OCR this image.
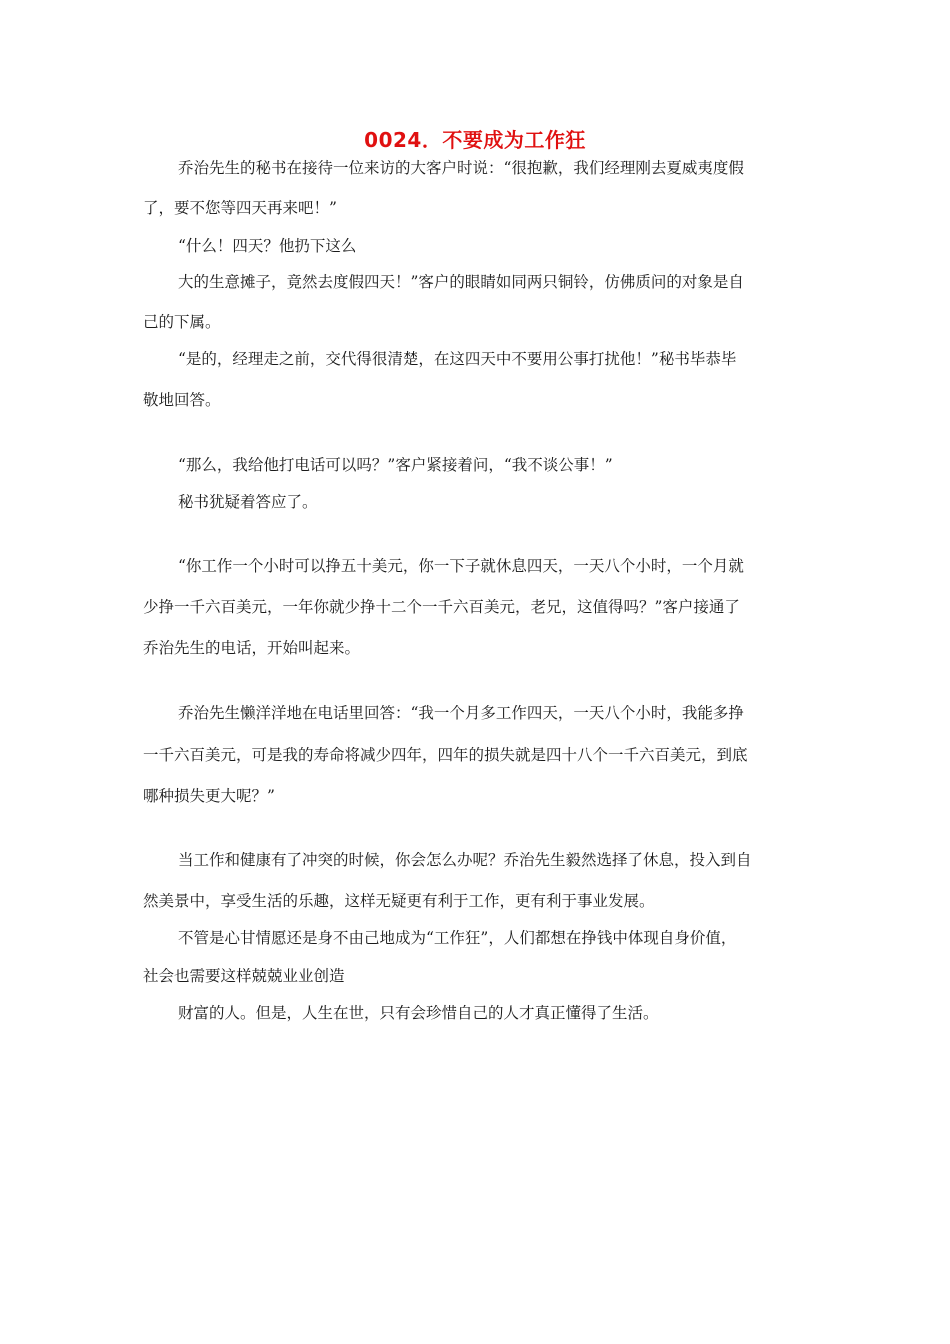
0024．不要成为工作狂
乔治先生的秘书在接待一位来访的大客户时说：“很抱歉，我们经理刚去夏威夷度假
了，要不您等四天再来吧！”
“什么！四天？他扔下这么
大的生意摊子，竟然去度假四天！”客户的眼睛如同两只铜铃，仿佛质问的对象是自
己的下属。
“是的，经理走之前，交代得很清楚，在这四天中不要用公事打扰他！”秘书毕恭毕
敬地回答。
“那么，我给他打电话可以吗？”客户紧接着问，“我不谈公事！”
秘书犹疑着答应了。
“你工作一个小时可以挣五十美元，你一下子就休息四天，一天八个小时，一个月就
少挣一千六百美元，一年你就少挣十二个一千六百美元，老兄，这值得吗？”客户接通了
乔治先生的电话，开始叫起来。
乔治先生懒洋洋地在电话里回答：“我一个月多工作四天，一天八个小时，我能多挣
一千六百美元，可是我的寿命将减少四年，四年的损失就是四十八个一千六百美元，到底
哪种损失更大呢？”
当工作和健康有了冲突的时候，你会怎么办呢？乔治先生毅然选择了休息，投入到自
然美景中，享受生活的乐趣，这样无疑更有利于工作，更有利于事业发展。
不管是心甘情愿还是身不由己地成为“工作狂”，人们都想在挣钱中体现自身价值，
社会也需要这样兢兢业业创造
财富的人。但是，人生在世，只有会珍惜自己的人才真正懂得了生活。
